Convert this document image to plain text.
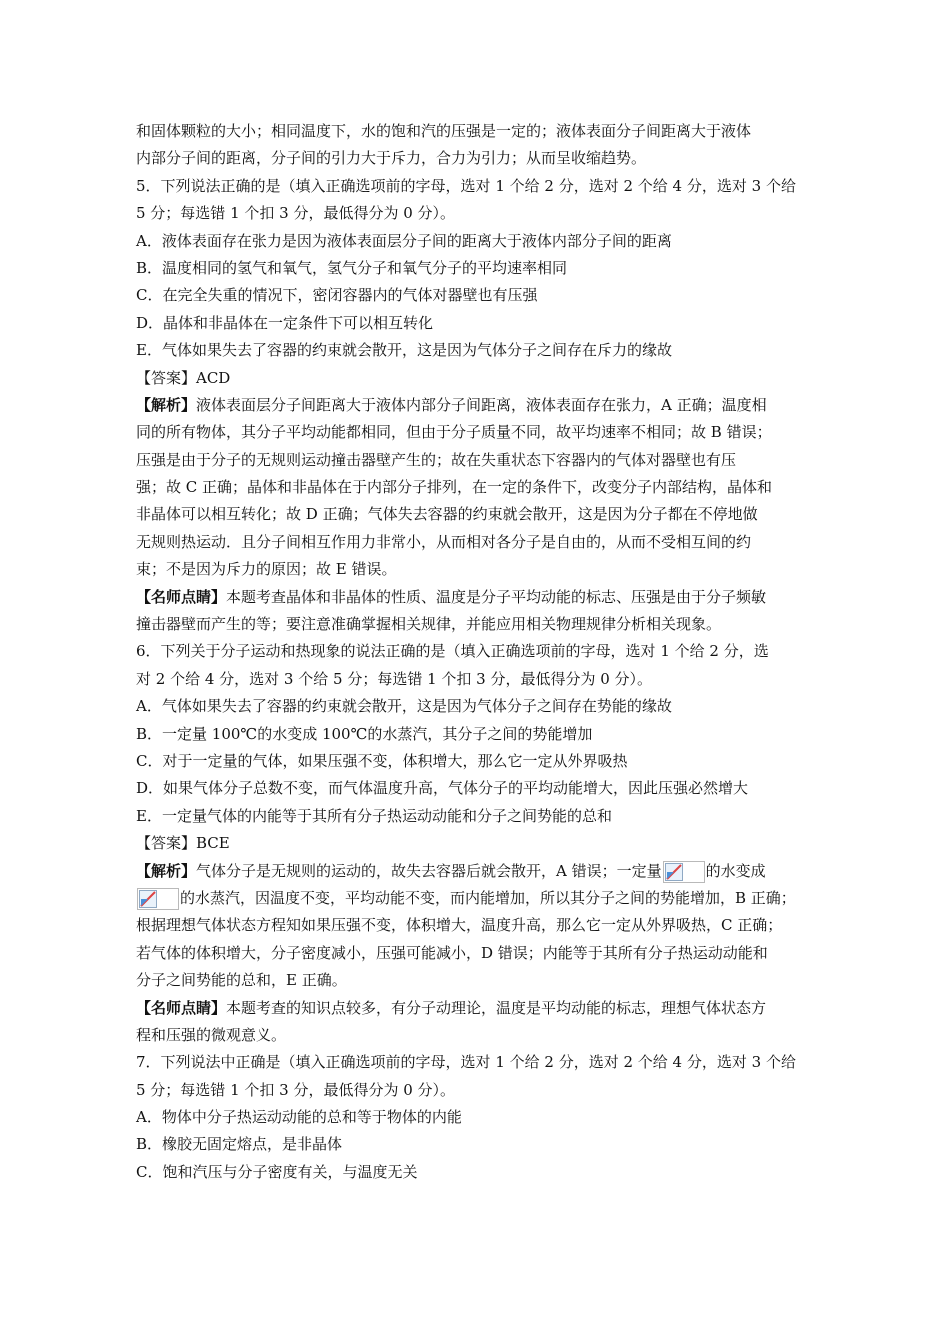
和固体颗粒的大小；相同温度下，水的饱和汽的压强是一定的；液体表面分子间距离大于液体
内部分子间的距离，分子间的引力大于斥力，合力为引力；从而呈收缩趋势。
5．下列说法正确的是（填入正确选项前的字母，选对 1 个给 2 分，选对 2 个给 4 分，选对 3 个给
5 分；每选错 1 个扣 3 分，最低得分为 0 分）。
A．液体表面存在张力是因为液体表面层分子间的距离大于液体内部分子间的距离
B．温度相同的氢气和氧气，氢气分子和氧气分子的平均速率相同
C．在完全失重的情况下，密闭容器内的气体对器壁也有压强
D．晶体和非晶体在一定条件下可以相互转化
E．气体如果失去了容器的约束就会散开，这是因为气体分子之间存在斥力的缘故
【答案】ACD
【解析】液体表面层分子间距离大于液体内部分子间距离，液体表面存在张力，A 正确；温度相
同的所有物体，其分子平均动能都相同，但由于分子质量不同，故平均速率不相同；故 B 错误；
压强是由于分子的无规则运动撞击器壁产生的；故在失重状态下容器内的气体对器壁也有压
强；故 C 正确；晶体和非晶体在于内部分子排列，在一定的条件下，改变分子内部结构，晶体和
非晶体可以相互转化；故 D 正确；气体失去容器的约束就会散开，这是因为分子都在不停地做
无规则热运动．且分子间相互作用力非常小，从而相对各分子是自由的，从而不受相互间的约
束；不是因为斥力的原因；故 E 错误。
【名师点睛】本题考查晶体和非晶体的性质、温度是分子平均动能的标志、压强是由于分子频敏
撞击器壁而产生的等；要注意准确掌握相关规律，并能应用相关物理规律分析相关现象。
6．下列关于分子运动和热现象的说法正确的是（填入正确选项前的字母，选对 1 个给 2 分，选
对 2 个给 4 分，选对 3 个给 5 分；每选错 1 个扣 3 分，最低得分为 0 分）。
A．气体如果失去了容器的约束就会散开，这是因为气体分子之间存在势能的缘故
B．一定量 100℃的水变成 100℃的水蒸汽，其分子之间的势能增加
C．对于一定量的气体，如果压强不变，体积增大，那么它一定从外界吸热
D．如果气体分子总数不变，而气体温度升高，气体分子的平均动能增大，因此压强必然增大
E．一定量气体的内能等于其所有分子热运动动能和分子之间势能的总和
【答案】BCE
【解析】气体分子是无规则的运动的，故失去容器后就会散开，A 错误；一定量	的水变成
的水蒸汽，因温度不变，平均动能不变，而内能增加，所以其分子之间的势能增加，B 正确；
根据理想气体状态方程知如果压强不变，体积增大，温度升高，那么它一定从外界吸热，C 正确；
若气体的体积增大，分子密度减小，压强可能减小，D 错误；内能等于其所有分子热运动动能和
分子之间势能的总和，E 正确。
【名师点睛】本题考查的知识点较多，有分子动理论，温度是平均动能的标志，理想气体状态方
程和压强的微观意义。
7．下列说法中正确是（填入正确选项前的字母，选对 1 个给 2 分，选对 2 个给 4 分，选对 3 个给
5 分；每选错 1 个扣 3 分，最低得分为 0 分）。
A．物体中分子热运动动能的总和等于物体的内能
B．橡胶无固定熔点，是非晶体
C．饱和汽压与分子密度有关，与温度无关
